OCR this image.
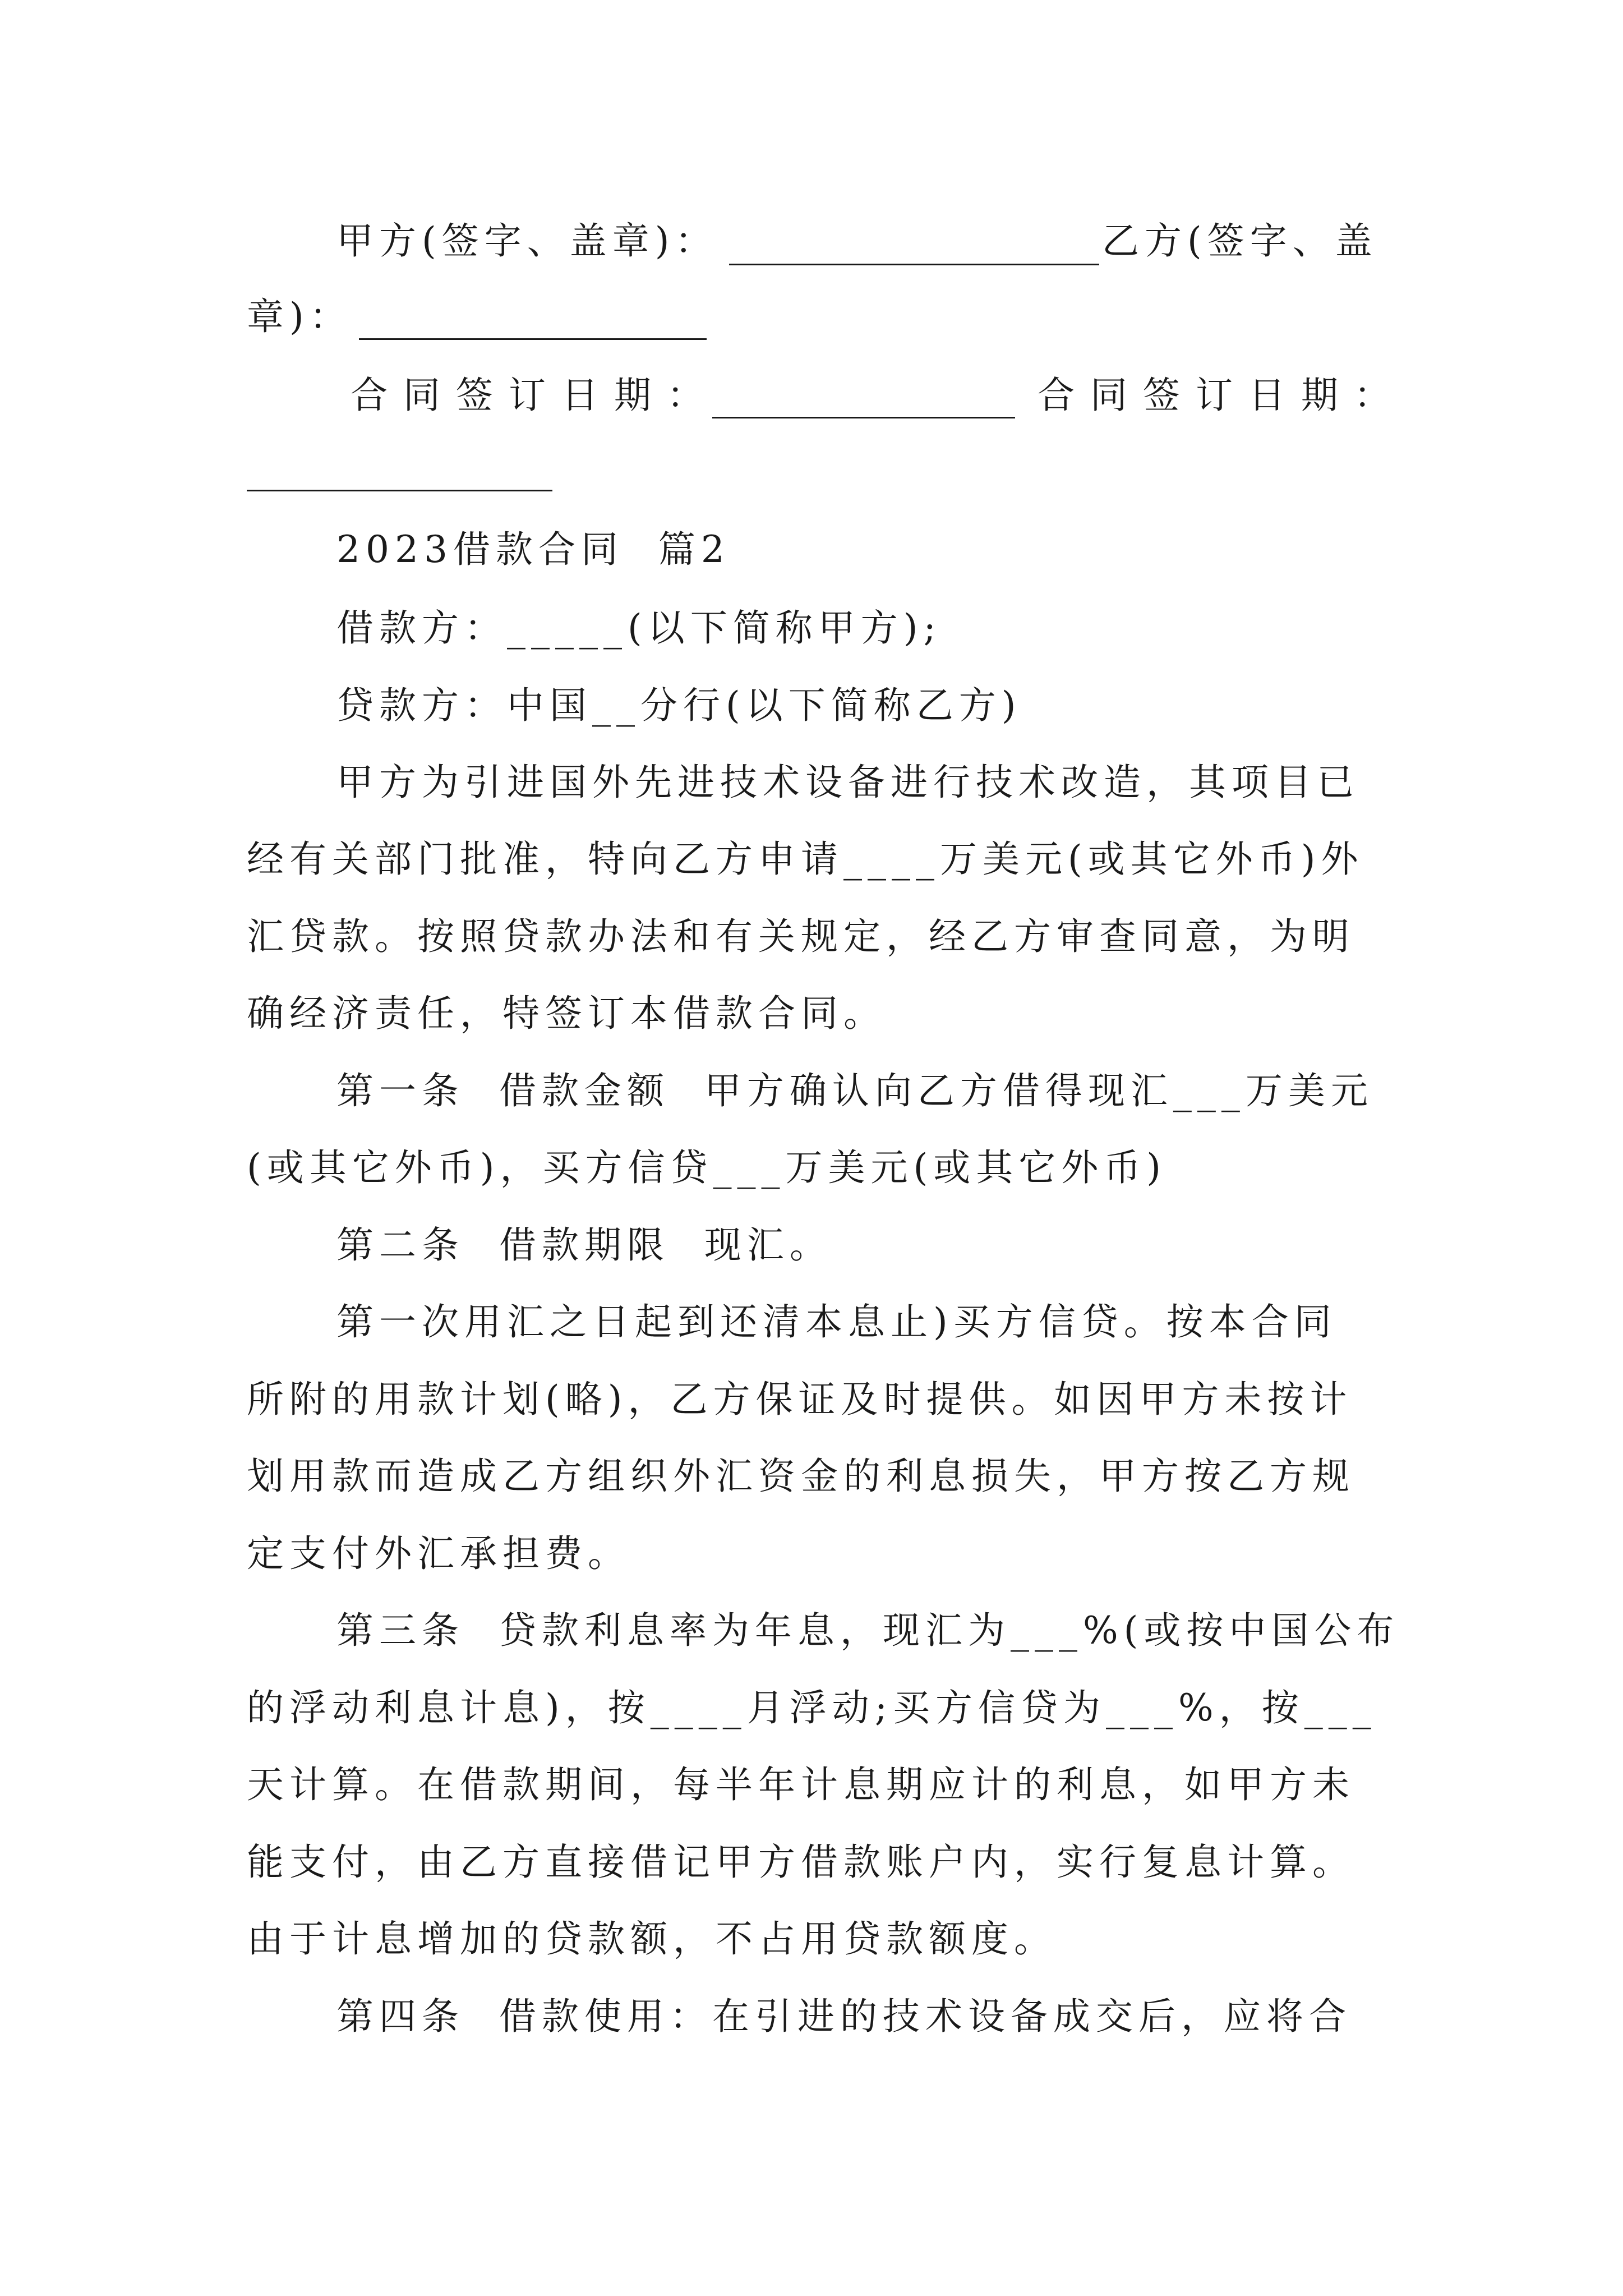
甲方(签字、盖章)：	乙方(签字、盖
章)：
合同签订日期：	合同签订日期：
2023借款合同  篇2
借款方：_____(以下简称甲方);
贷款方：中国__分行(以下简称乙方)
甲方为引进国外先进技术设备进行技术改造，其项目已
经有关部门批准，特向乙方申请____万美元(或其它外币)外
汇贷款。按照贷款办法和有关规定，经乙方审查同意，为明
确经济责任，特签订本借款合同。
第一条  借款金额  甲方确认向乙方借得现汇___万美元
(或其它外币)，买方信贷___万美元(或其它外币)
第二条  借款期限  现汇。
第一次用汇之日起到还清本息止)买方信贷。按本合同
所附的用款计划(略)，乙方保证及时提供。如因甲方未按计
划用款而造成乙方组织外汇资金的利息损失，甲方按乙方规
定支付外汇承担费。
第三条  贷款利息率为年息，现汇为___%(或按中国公布
的浮动利息计息)，按____月浮动;买方信贷为___%，按___
天计算。在借款期间，每半年计息期应计的利息，如甲方未
能支付，由乙方直接借记甲方借款账户内，实行复息计算。
由于计息增加的贷款额，不占用贷款额度。
第四条  借款使用：在引进的技术设备成交后，应将合
